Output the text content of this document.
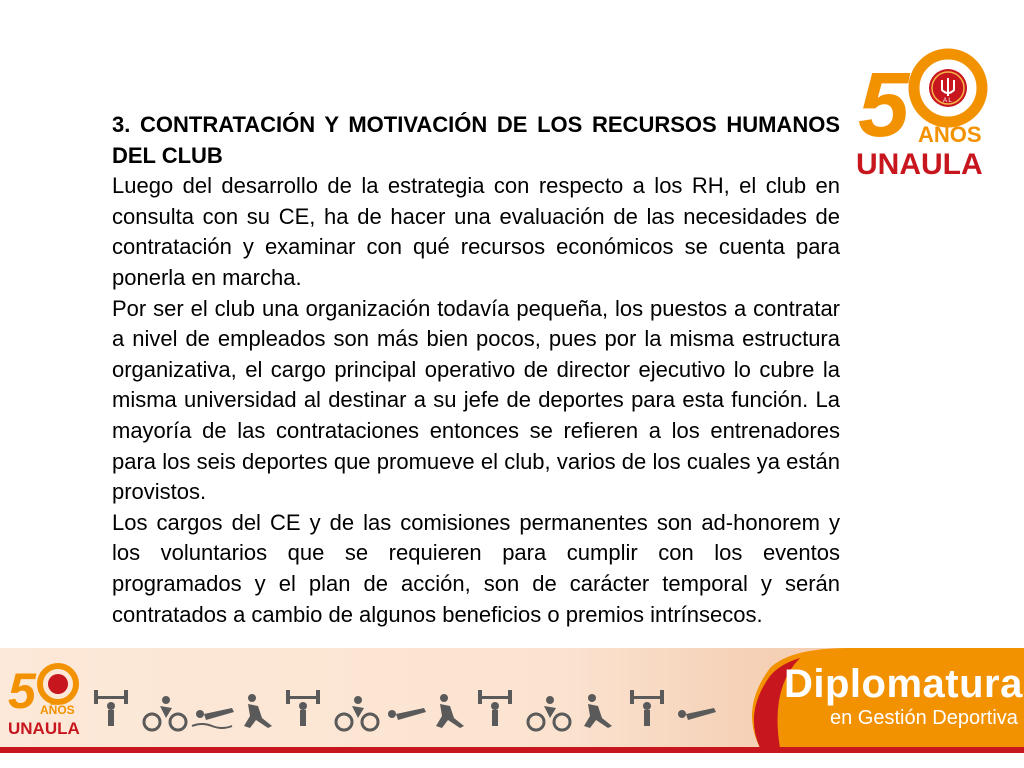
5	A L
AÑOS
UNAULA

3. CONTRATACIÓN Y MOTIVACIÓN DE LOS RECURSOS HUMANOS DEL CLUB

Luego del desarrollo de la estrategia con respecto a los RH, el club en consulta con su CE, ha de hacer una evaluación de las necesidades de contratación y examinar con qué recursos económicos se cuenta para ponerla en marcha.

Por ser el club una organización todavía pequeña, los puestos a contratar a nivel de empleados son más bien pocos, pues por la misma estructura organizativa, el cargo principal operativo de director ejecutivo lo cubre la misma universidad al destinar a su jefe de deportes para esta función. La mayoría de las contrataciones entonces se refieren a los entrenadores para los seis deportes que promueve el club, varios de los cuales ya están provistos.

Los cargos del CE y de las comisiones permanentes son ad-honorem y los voluntarios que se requieren para cumplir con los eventos programados y el plan de acción, son de carácter temporal y serán contratados a cambio de algunos beneficios o premios intrínsecos.

5 AÑOS
UNAULA
Diplomatura
en Gestión Deportiva
